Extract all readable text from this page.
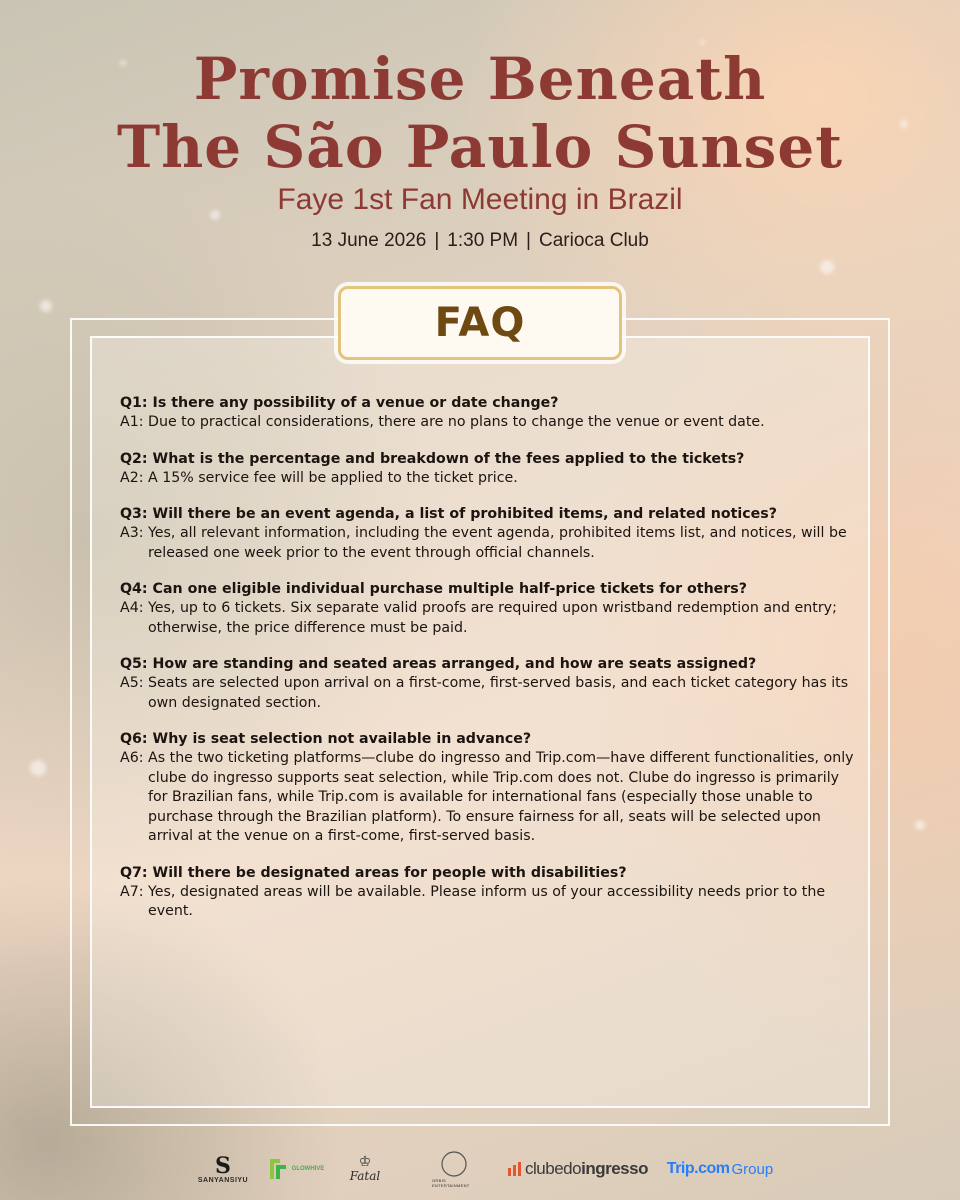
Promise Beneath
The São Paulo Sunset
Faye 1st Fan Meeting in Brazil
13 June 2026 | 1:30 PM | Carioca Club
FAQ

Q1: Is there any possibility of a venue or date change?

A1: Due to practical considerations, there are no plans to change the venue or event date.

Q2: What is the percentage and breakdown of the fees applied to the tickets?

A2: A 15% service fee will be applied to the ticket price.

Q3: Will there be an event agenda, a list of prohibited items, and related notices?

A3: Yes, all relevant information, including the event agenda, prohibited items list, and notices, will be released one week prior to the event through official channels.

Q4: Can one eligible individual purchase multiple half-price tickets for others?

A4: Yes, up to 6 tickets. Six separate valid proofs are required upon wristband redemption and entry; otherwise, the price difference must be paid.

Q5: How are standing and seated areas arranged, and how are seats assigned?

A5: Seats are selected upon arrival on a first-come, first-served basis, and each ticket category has its own designated section.

Q6: Why is seat selection not available in advance?

A6: As the two ticketing platforms—clube do ingresso and Trip.com—have different functionalities, only clube do ingresso supports seat selection, while Trip.com does not. Clube do ingresso is primarily for Brazilian fans, while Trip.com is available for international fans (especially those unable to purchase through the Brazilian platform). To ensure fairness for all, seats will be selected upon arrival at the venue on a first-come, first-served basis.

Q7: Will there be designated areas for people with disabilities?

A7: Yes, designated areas will be available. Please inform us of your accessibility needs prior to the event.

S
SANYANSIYU
GLOWHIVE ♔
Fatal	ORBIS ENTERTAINMENT
clubedo ingresso Trip.com Group
